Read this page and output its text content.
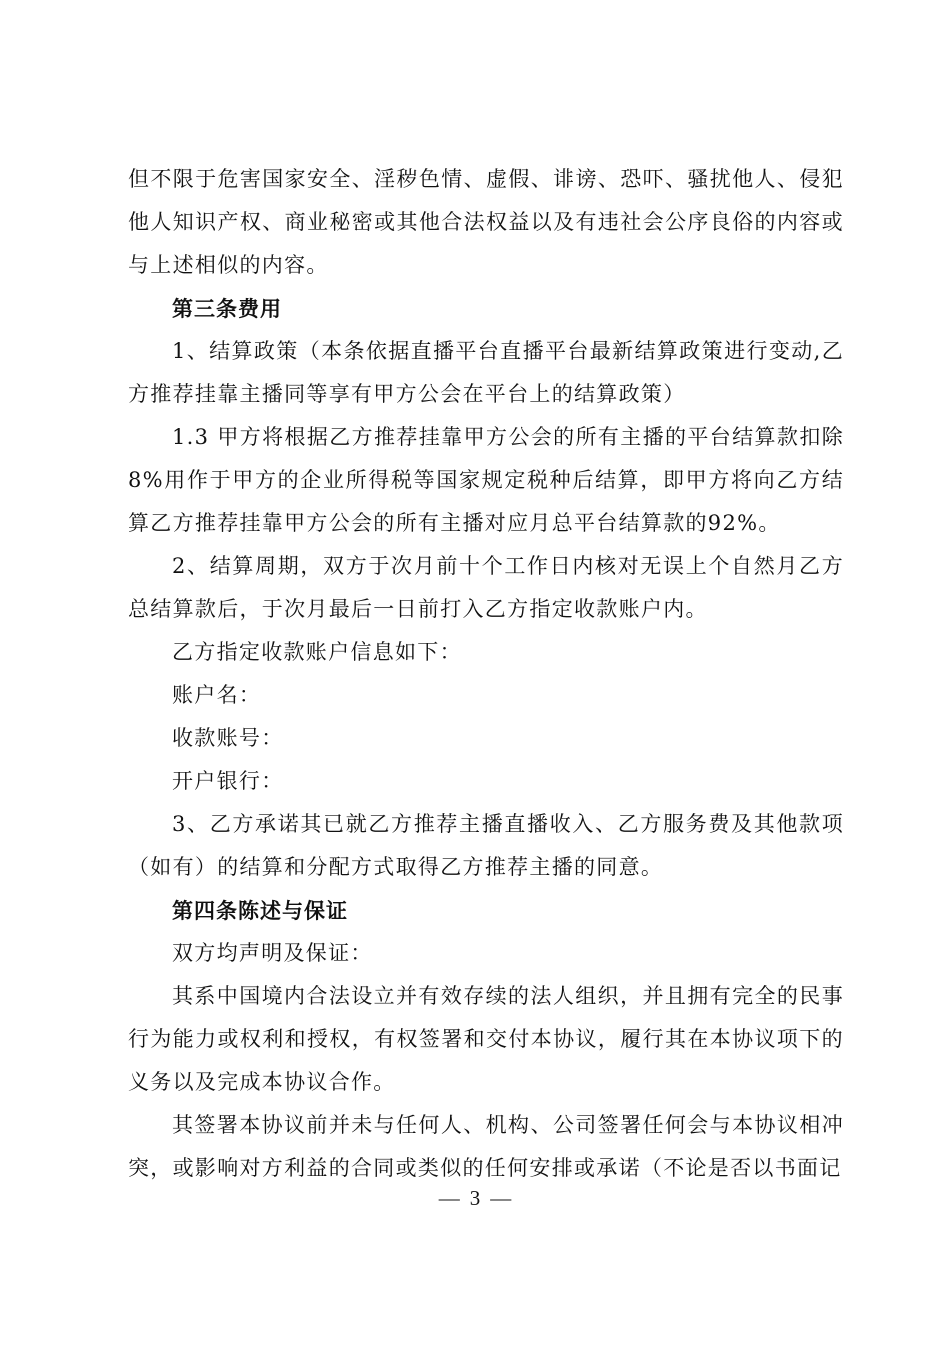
但不限于危害国家安全、淫秽色情、虚假、诽谤、恐吓、骚扰他人、侵犯他人知识产权、商业秘密或其他合法权益以及有违社会公序良俗的内容或与上述相似的内容。

第三条费用

1、结算政策（本条依据直播平台直播平台最新结算政策进行变动,乙方推荐挂靠主播同等享有甲方公会在平台上的结算政策）

1.3 甲方将根据乙方推荐挂靠甲方公会的所有主播的平台结算款扣除8%用作于甲方的企业所得税等国家规定税种后结算，即甲方将向乙方结算乙方推荐挂靠甲方公会的所有主播对应月总平台结算款的92%。

2、结算周期，双方于次月前十个工作日内核对无误上个自然月乙方总结算款后，于次月最后一日前打入乙方指定收款账户内。

乙方指定收款账户信息如下：

账户名：

收款账号：

开户银行：

3、乙方承诺其已就乙方推荐主播直播收入、乙方服务费及其他款项（如有）的结算和分配方式取得乙方推荐主播的同意。

第四条陈述与保证

双方均声明及保证：

其系中国境内合法设立并有效存续的法人组织，并且拥有完全的民事行为能力或权利和授权，有权签署和交付本协议，履行其在本协议项下的义务以及完成本协议合作。

其签署本协议前并未与任何人、机构、公司签署任何会与本协议相冲突，或影响对方利益的合同或类似的任何安排或承诺（不论是否以书面记

— 3 —
